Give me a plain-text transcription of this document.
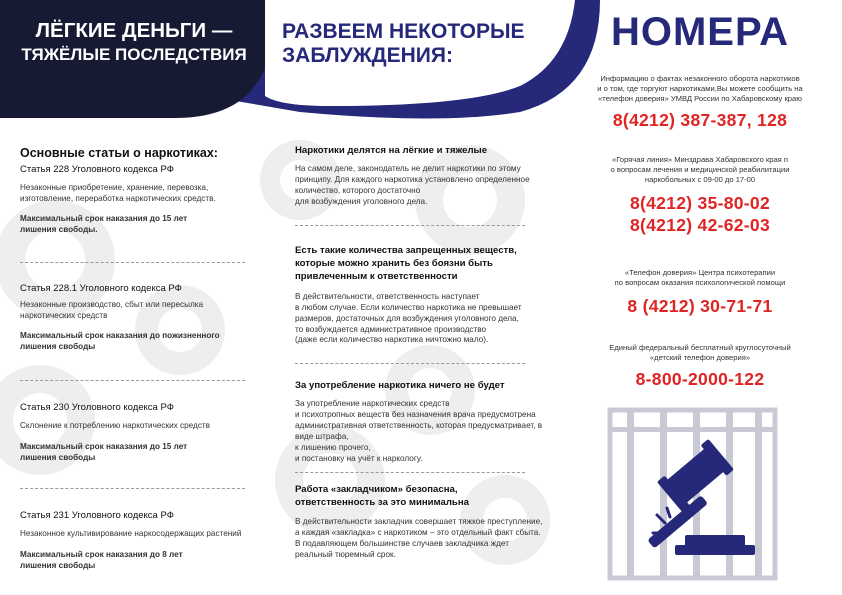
ЛЁГКИЕ ДЕНЬГИ —
ТЯЖЁЛЫЕ ПОСЛЕДСТВИЯ
Основные статьи о наркотиках:
Статья 228 Уголовного кодекса РФ
Незаконные приобретение, хранение, перевозка,
изготовление, переработка наркотических средств.
Максимальный срок наказания до 15 лет
лишения свободы.
Статья 228.1 Уголовного кодекса РФ
Незаконные производство, сбыт или пересылка
наркотических средств
Максимальный срок наказания до пожизненного
лишения свободы
Статья 230 Уголовного кодекса РФ
Склонение к потреблению наркотических средств
Максимальный срок наказания до 15 лет
лишения свободы
Статья 231 Уголовного кодекса РФ
Незаконное культивирование наркосодержащих растений
Максимальный срок наказания до 8 лет
лишения свободы
РАЗВЕЕМ НЕКОТОРЫЕ
ЗАБЛУЖДЕНИЯ:
Наркотики делятся на лёгкие и тяжелые
На самом деле, законодатель не делит наркотики по этому
принципу. Для каждого наркотика установлено определенное
количество, которого достаточно
для возбуждения уголовного дела.
Есть такие количества запрещенных веществ,
которые можно хранить без боязни быть
привлеченным к ответственности
В действительности, ответственность наступает
в любом случае. Если количество наркотика не превышает
размеров, достаточных для возбуждения уголовного дела,
то возбуждается административное производство
(даже если количество наркотика ничтожно мало).
За употребление наркотика ничего не будет
За употребление наркотических средств
и психотропных веществ без назначения врача предусмотрена
административная ответственность, которая предусматривает, в
виде штрафа,
к лишению прочего,
и постановку на учёт к наркологу.
Работа «закладчиком» безопасна,
ответственность за это минимальна
В действительности закладчик совершает тяжкое преступление,
а каждая «закладка» с наркотиком – это отдельный факт сбыта.
В подавляющем большинстве случаев закладчика ждет
реальный тюремный срок.
НОМЕРА
Информацию о фактах незаконного оборота наркотиков
и о том, где торгуют наркотиками,Вы можете сообщить на
«телефон доверия» УМВД России по Хабаровскому краю
8(4212) 387-387, 128
«Горячая линия» Минздрава Хабаровского края п
о вопросам лечения и медицинской реабилитации
наркобольных с 09-00 до 17-00
8(4212) 35-80-02
8(4212) 42-62-03
«Телефон доверия» Центра психотерапии
по вопросам оказания психологической помощи
8 (4212) 30-71-71
Единый федеральный бесплатный круглосуточный
«детский телефон доверия»
8-800-2000-122
